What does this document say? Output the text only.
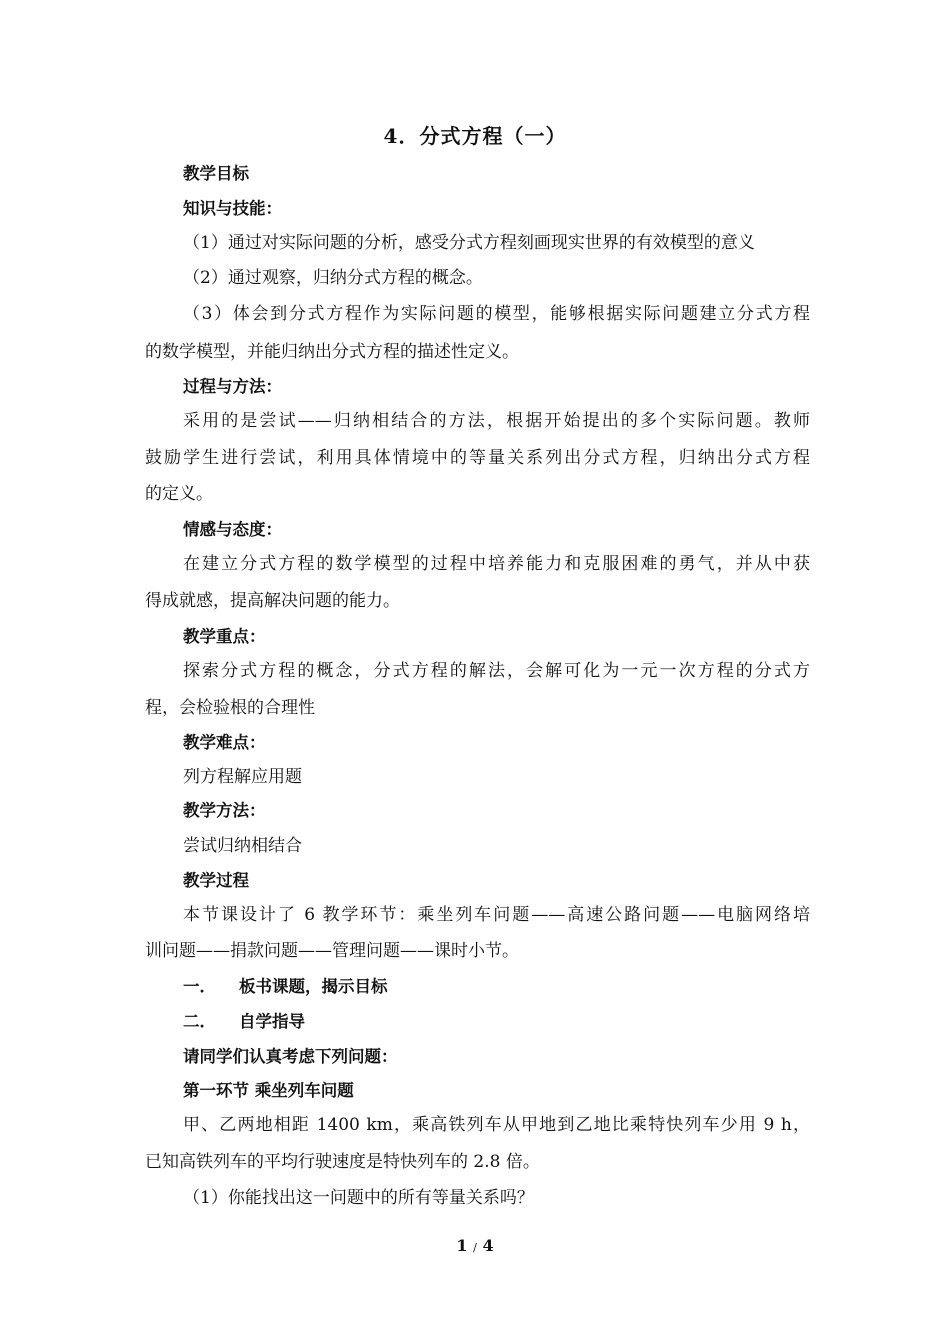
4．分式方程（一）
教学目标
知识与技能：
（1）通过对实际问题的分析，感受分式方程刻画现实世界的有效模型的意义
（2）通过观察，归纳分式方程的概念。
（3）体会到分式方程作为实际问题的模型，能够根据实际问题建立分式方程
的数学模型，并能归纳出分式方程的描述性定义。
过程与方法：
采用的是尝试——归纳相结合的方法，根据开始提出的多个实际问题。教师
鼓励学生进行尝试，利用具体情境中的等量关系列出分式方程，归纳出分式方程
的定义。
情感与态度：
在建立分式方程的数学模型的过程中培养能力和克服困难的勇气，并从中获
得成就感，提高解决问题的能力。
教学重点：
探索分式方程的概念，分式方程的解法，会解可化为一元一次方程的分式方
程，会检验根的合理性
教学难点：
列方程解应用题
教学方法：
尝试归纳相结合
教学过程
本节课设计了 6 教学环节：乘坐列车问题——高速公路问题——电脑网络培
训问题——捐款问题——管理问题——课时小节。
一． 板书课题，揭示目标
二． 自学指导
请同学们认真考虑下列问题：
第一环节 乘坐列车问题
甲、乙两地相距 1400 km，乘高铁列车从甲地到乙地比乘特快列车少用 9 h，
已知高铁列车的平均行驶速度是特快列车的 2.8 倍。
（1）你能找出这一问题中的所有等量关系吗？
1 / 4
